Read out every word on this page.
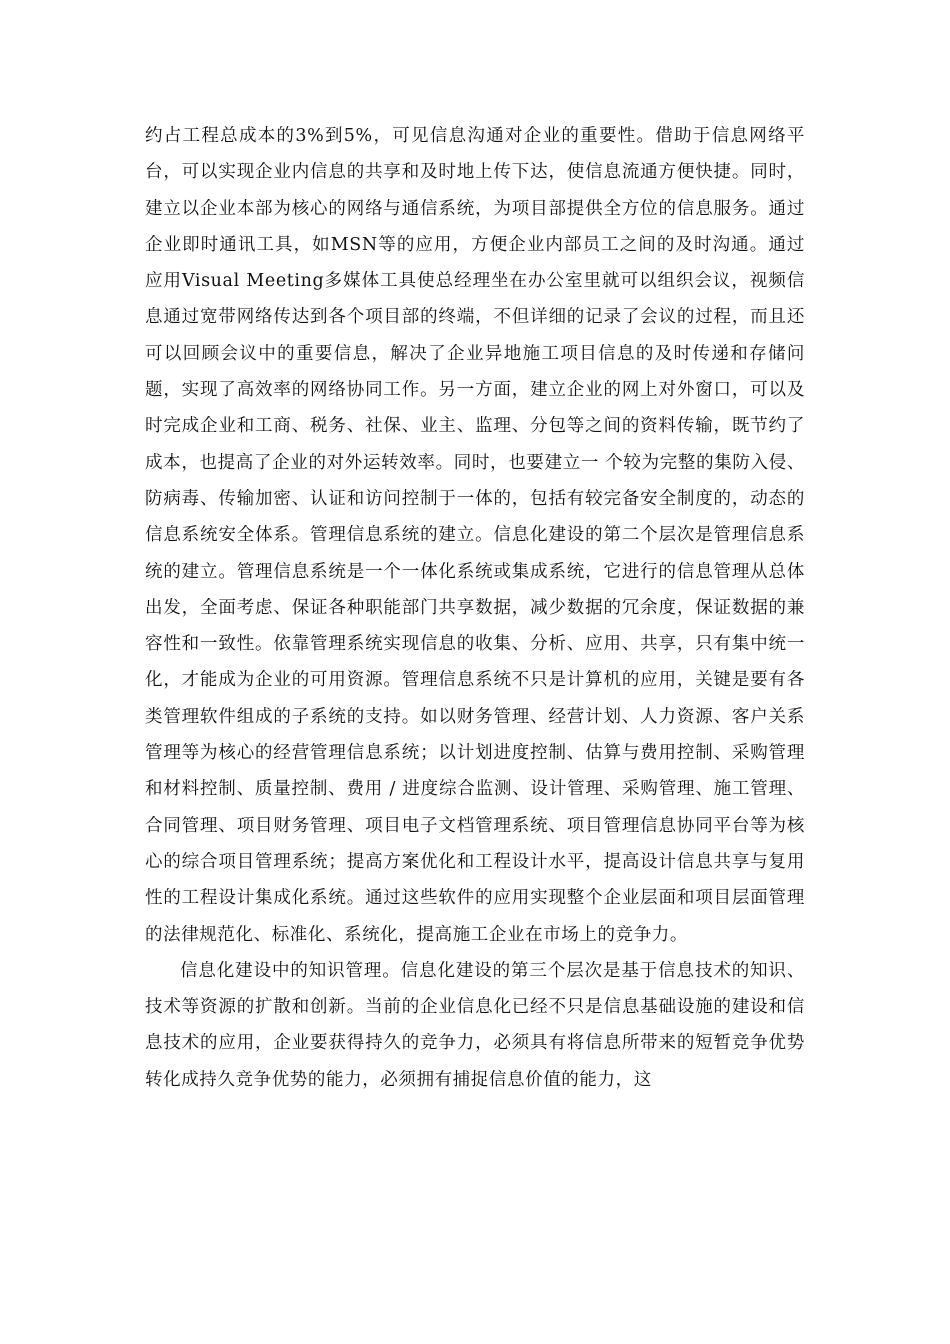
约占工程总成本的3%到5%，可见信息沟通对企业的重要性。借助于信息网络平台，可以实现企业内信息的共享和及时地上传下达，使信息流通方便快捷。同时，建立以企业本部为核心的网络与通信系统，为项目部提供全方位的信息服务。通过企业即时通讯工具，如MSN等的应用，方便企业内部员工之间的及时沟通。通过应用Visual Meeting多媒体工具使总经理坐在办公室里就可以组织会议，视频信息通过宽带网络传达到各个项目部的终端，不但详细的记录了会议的过程，而且还可以回顾会议中的重要信息，解决了企业异地施工项目信息的及时传递和存储问题，实现了高效率的网络协同工作。另一方面，建立企业的网上对外窗口，可以及时完成企业和工商、税务、社保、业主、监理、分包等之间的资料传输，既节约了成本，也提高了企业的对外运转效率。同时，也要建立一 个较为完整的集防入侵、防病毒、传输加密、认证和访问控制于一体的，包括有较完备安全制度的，动态的信息系统安全体系。管理信息系统的建立。信息化建设的第二个层次是管理信息系统的建立。管理信息系统是一个一体化系统或集成系统，它进行的信息管理从总体出发，全面考虑、保证各种职能部门共享数据，减少数据的冗余度，保证数据的兼容性和一致性。依靠管理系统实现信息的收集、分析、应用、共享，只有集中统一化，才能成为企业的可用资源。管理信息系统不只是计算机的应用，关键是要有各类管理软件组成的子系统的支持。如以财务管理、经营计划、人力资源、客户关系管理等为核心的经营管理信息系统；以计划进度控制、估算与费用控制、采购管理和材料控制、质量控制、费用 / 进度综合监测、设计管理、采购管理、施工管理、合同管理、项目财务管理、项目电子文档管理系统、项目管理信息协同平台等为核心的综合项目管理系统；提高方案优化和工程设计水平，提高设计信息共享与复用性的工程设计集成化系统。通过这些软件的应用实现整个企业层面和项目层面管理的法律规范化、标准化、系统化，提高施工企业在市场上的竞争力。

信息化建设中的知识管理。信息化建设的第三个层次是基于信息技术的知识、技术等资源的扩散和创新。当前的企业信息化已经不只是信息基础设施的建设和信息技术的应用，企业要获得持久的竞争力，必须具有将信息所带来的短暂竞争优势转化成持久竞争优势的能力，必须拥有捕捉信息价值的能力，这
